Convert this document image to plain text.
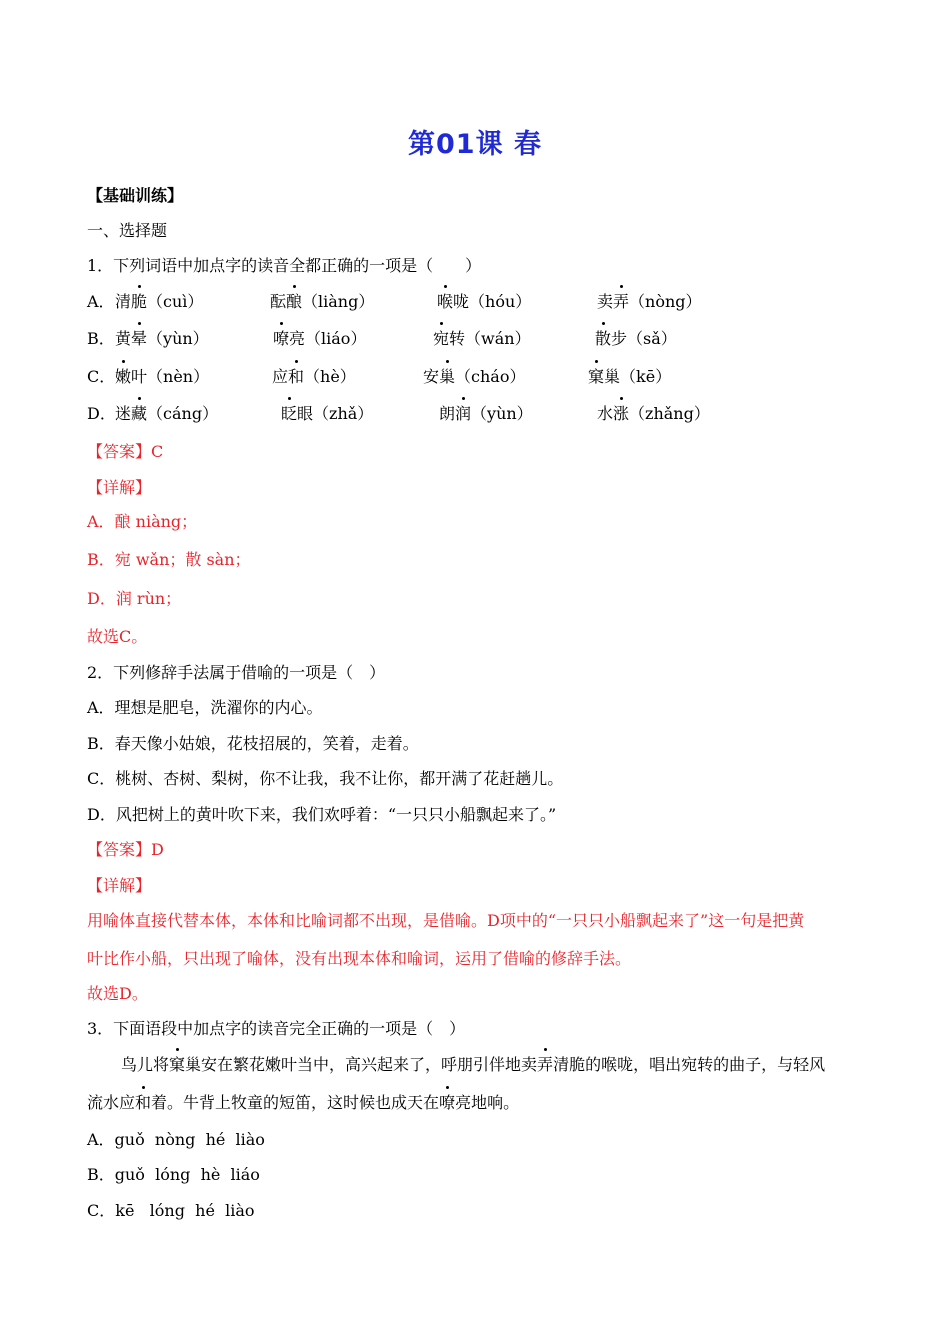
第01课 春
【基础训练】
一、选择题
1．下列词语中加点字的读音全都正确的一项是（　　）
A． 清脆（cuì）	酝酿（liàng）	喉咙（hóu）	卖弄（nòng）
B． 黄晕（yùn）	嘹亮（liáo）	宛转（wán）	散步（sǎ）
C． 嫩叶（nèn）	应和（hè）	安巢（cháo）	窠巢（kē）
D． 迷藏（cáng）	眨眼（zhǎ）	朗润（yùn）	水涨（zhǎng）
【答案】C
【详解】
A．酿 niàng；
B．宛 wǎn；散 sàn；
D．润 rùn；
故选C。
2．下列修辞手法属于借喻的一项是（　）
A．理想是肥皂，洗濯你的内心。
B．春天像小姑娘，花枝招展的，笑着，走着。
C．桃树、杏树、梨树，你不让我，我不让你，都开满了花赶趟儿。
D．风把树上的黄叶吹下来，我们欢呼着：“一只只小船飘起来了。”
【答案】D
【详解】
用喻体直接代替本体，本体和比喻词都不出现，是借喻。D项中的“一只只小船飘起来了”这一句是把黄
叶比作小船，只出现了喻体，没有出现本体和喻词，运用了借喻的修辞手法。
故选D。
3．下面语段中加点字的读音完全正确的一项是（　）
鸟儿将窠巢安在繁花嫩叶当中，高兴起来了，呼朋引伴地卖弄清脆的喉咙，唱出宛转的曲子，与轻风
流水应和着。牛背上牧童的短笛，这时候也成天在嘹亮地响。
A．guǒ  nòng  hé  liào
B．guǒ  lóng  hè  liáo
C．kē   lóng  hé  liào
